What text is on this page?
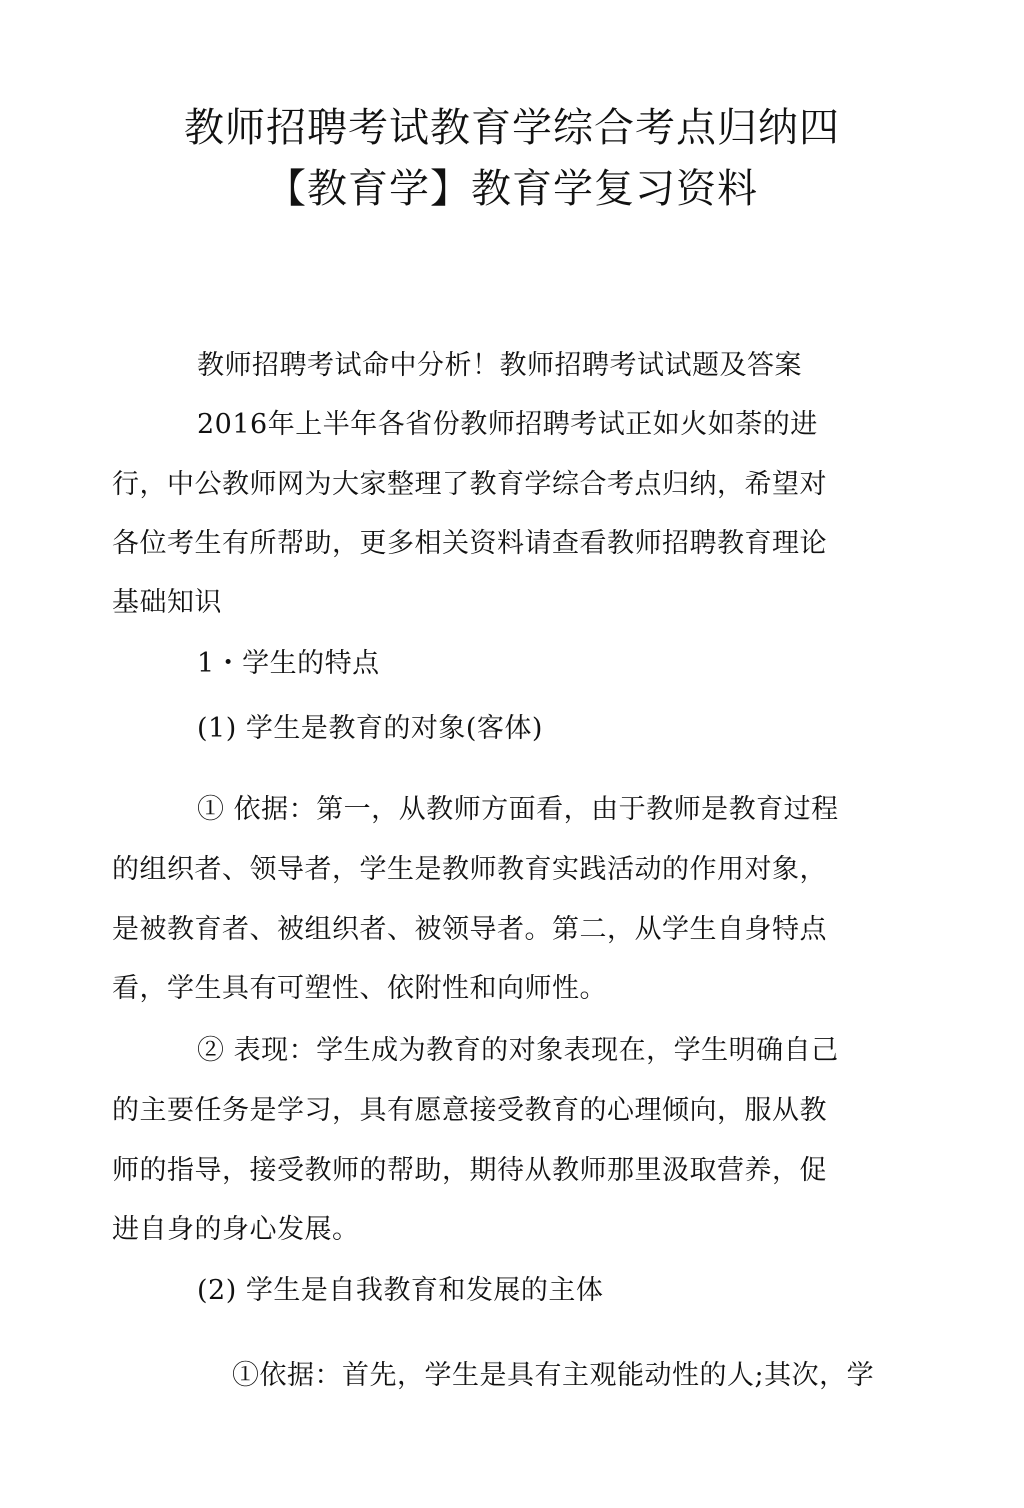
教师招聘考试教育学综合考点归纳四
【教育学】教育学复习资料
教师招聘考试命中分析！教师招聘考试试题及答案
2016年上半年各省份教师招聘考试正如火如荼的进
行，中公教师网为大家整理了教育学综合考点归纳，希望对
各位考生有所帮助，更多相关资料请查看教师招聘教育理论
基础知识
1・学生的特点
(1) 学生是教育的对象(客体)
① 依据：第一，从教师方面看，由于教师是教育过程
的组织者、领导者，学生是教师教育实践活动的作用对象，
是被教育者、被组织者、被领导者。第二，从学生自身特点
看，学生具有可塑性、依附性和向师性。
② 表现：学生成为教育的对象表现在，学生明确自己
的主要任务是学习，具有愿意接受教育的心理倾向，服从教
师的指导，接受教师的帮助，期待从教师那里汲取营养，促
进自身的身心发展。
(2) 学生是自我教育和发展的主体
①依据：首先，学生是具有主观能动性的人;其次，学
